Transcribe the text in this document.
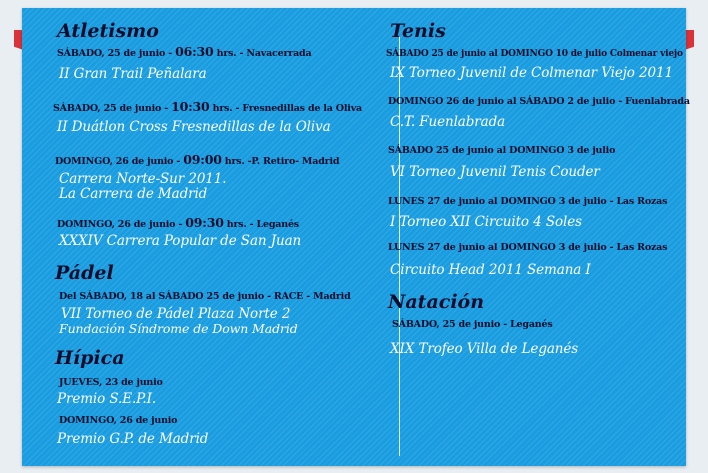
Atletismo
SÁBADO, 25 de junio - 06:30 hrs. - Navacerrada
II Gran Trail Peñalara
SÁBADO, 25 de junio - 10:30 hrs. - Fresnedillas de la Oliva
II Duátlon Cross Fresnedillas de la Oliva
DOMINGO, 26 de junio - 09:00 hrs. -P. Retiro- Madrid
Carrera Norte-Sur 2011.
La Carrera de Madrid
DOMINGO, 26 de junio - 09:30 hrs. - Leganés
XXXIV Carrera Popular de San Juan
Pádel
Del SÁBADO, 18 al SÁBADO 25 de junio - RACE - Madrid
VII Torneo de Pádel Plaza Norte 2
Fundación Síndrome de Down Madrid
Hípica
JUEVES, 23 de junio
Premio S.E.P.I.
DOMINGO, 26 de junio
Premio G.P. de Madrid
Tenis
SÁBADO 25 de junio al DOMINGO 10 de julio Colmenar viejo
IX Torneo Juvenil de Colmenar Viejo 2011
DOMINGO 26 de junio al SÁBADO 2 de julio - Fuenlabrada
C.T. Fuenlabrada
SÁBADO 25 de junio al DOMINGO 3 de julio
VI Torneo Juvenil Tenis Couder
LUNES 27 de junio al DOMINGO 3 de julio - Las Rozas
I Torneo XII Circuito 4 Soles
LUNES 27 de junio al DOMINGO 3 de julio - Las Rozas
Circuito Head 2011 Semana I
Natación
SÁBADO, 25 de junio - Leganés
XIX Trofeo Villa de Leganés
